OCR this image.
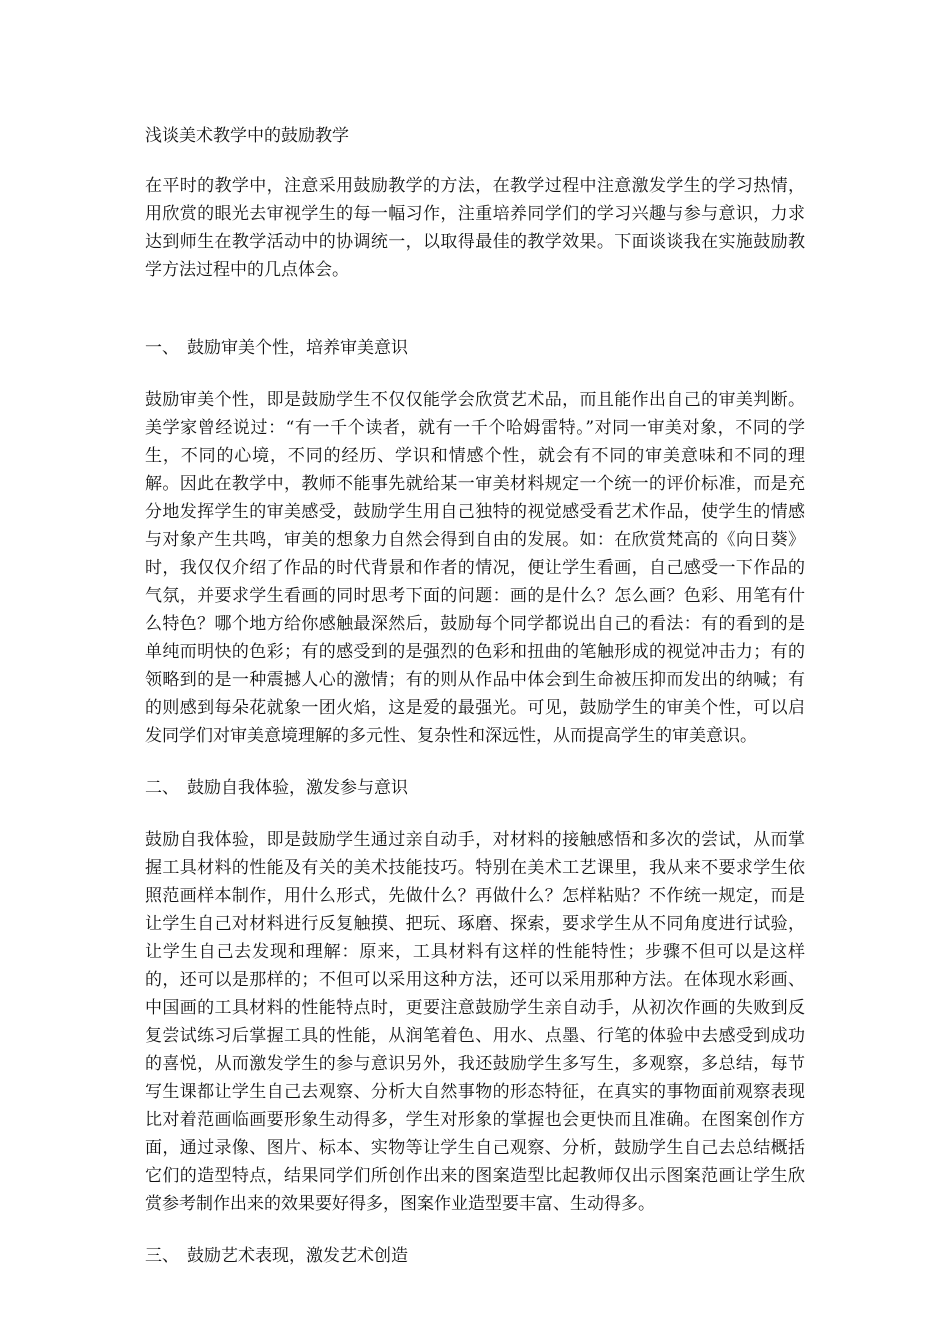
浅谈美术教学中的鼓励教学

在平时的教学中，注意采用鼓励教学的方法，在教学过程中注意激发学生的学习热情，用欣赏的眼光去审视学生的每一幅习作，注重培养同学们的学习兴趣与参与意识，力求达到师生在教学活动中的协调统一，以取得最佳的教学效果。下面谈谈我在实施鼓励教学方法过程中的几点体会。

一、 鼓励审美个性，培养审美意识

鼓励审美个性，即是鼓励学生不仅仅能学会欣赏艺术品，而且能作出自己的审美判断。美学家曾经说过：“有一千个读者，就有一千个哈姆雷特。”对同一审美对象，不同的学生，不同的心境，不同的经历、学识和情感个性，就会有不同的审美意味和不同的理解。因此在教学中，教师不能事先就给某一审美材料规定一个统一的评价标准，而是充分地发挥学生的审美感受，鼓励学生用自己独特的视觉感受看艺术作品，使学生的情感与对象产生共鸣，审美的想象力自然会得到自由的发展。如：在欣赏梵高的《向日葵》时，我仅仅介绍了作品的时代背景和作者的情况，便让学生看画，自己感受一下作品的气氛，并要求学生看画的同时思考下面的问题：画的是什么？怎么画？色彩、用笔有什么特色？哪个地方给你感触最深然后，鼓励每个同学都说出自己的看法：有的看到的是单纯而明快的色彩；有的感受到的是强烈的色彩和扭曲的笔触形成的视觉冲击力；有的领略到的是一种震撼人心的激情；有的则从作品中体会到生命被压抑而发出的纳喊；有的则感到每朵花就象一团火焰，这是爱的最强光。可见，鼓励学生的审美个性，可以启发同学们对审美意境理解的多元性、复杂性和深远性，从而提高学生的审美意识。

二、 鼓励自我体验，激发参与意识

鼓励自我体验，即是鼓励学生通过亲自动手，对材料的接触感悟和多次的尝试，从而掌握工具材料的性能及有关的美术技能技巧。特别在美术工艺课里，我从来不要求学生依照范画样本制作，用什么形式，先做什么？再做什么？怎样粘贴？不作统一规定，而是让学生自己对材料进行反复触摸、把玩、琢磨、探索，要求学生从不同角度进行试验，让学生自己去发现和理解：原来，工具材料有这样的性能特性；步骤不但可以是这样的，还可以是那样的；不但可以采用这种方法，还可以采用那种方法。在体现水彩画、中国画的工具材料的性能特点时，更要注意鼓励学生亲自动手，从初次作画的失败到反复尝试练习后掌握工具的性能，从润笔着色、用水、点墨、行笔的体验中去感受到成功的喜悦，从而激发学生的参与意识另外，我还鼓励学生多写生，多观察，多总结，每节写生课都让学生自己去观察、分析大自然事物的形态特征，在真实的事物面前观察表现比对着范画临画要形象生动得多，学生对形象的掌握也会更快而且准确。在图案创作方面，通过录像、图片、标本、实物等让学生自己观察、分析，鼓励学生自己去总结概括它们的造型特点，结果同学们所创作出来的图案造型比起教师仅出示图案范画让学生欣赏参考制作出来的效果要好得多，图案作业造型要丰富、生动得多。

三、 鼓励艺术表现，激发艺术创造
